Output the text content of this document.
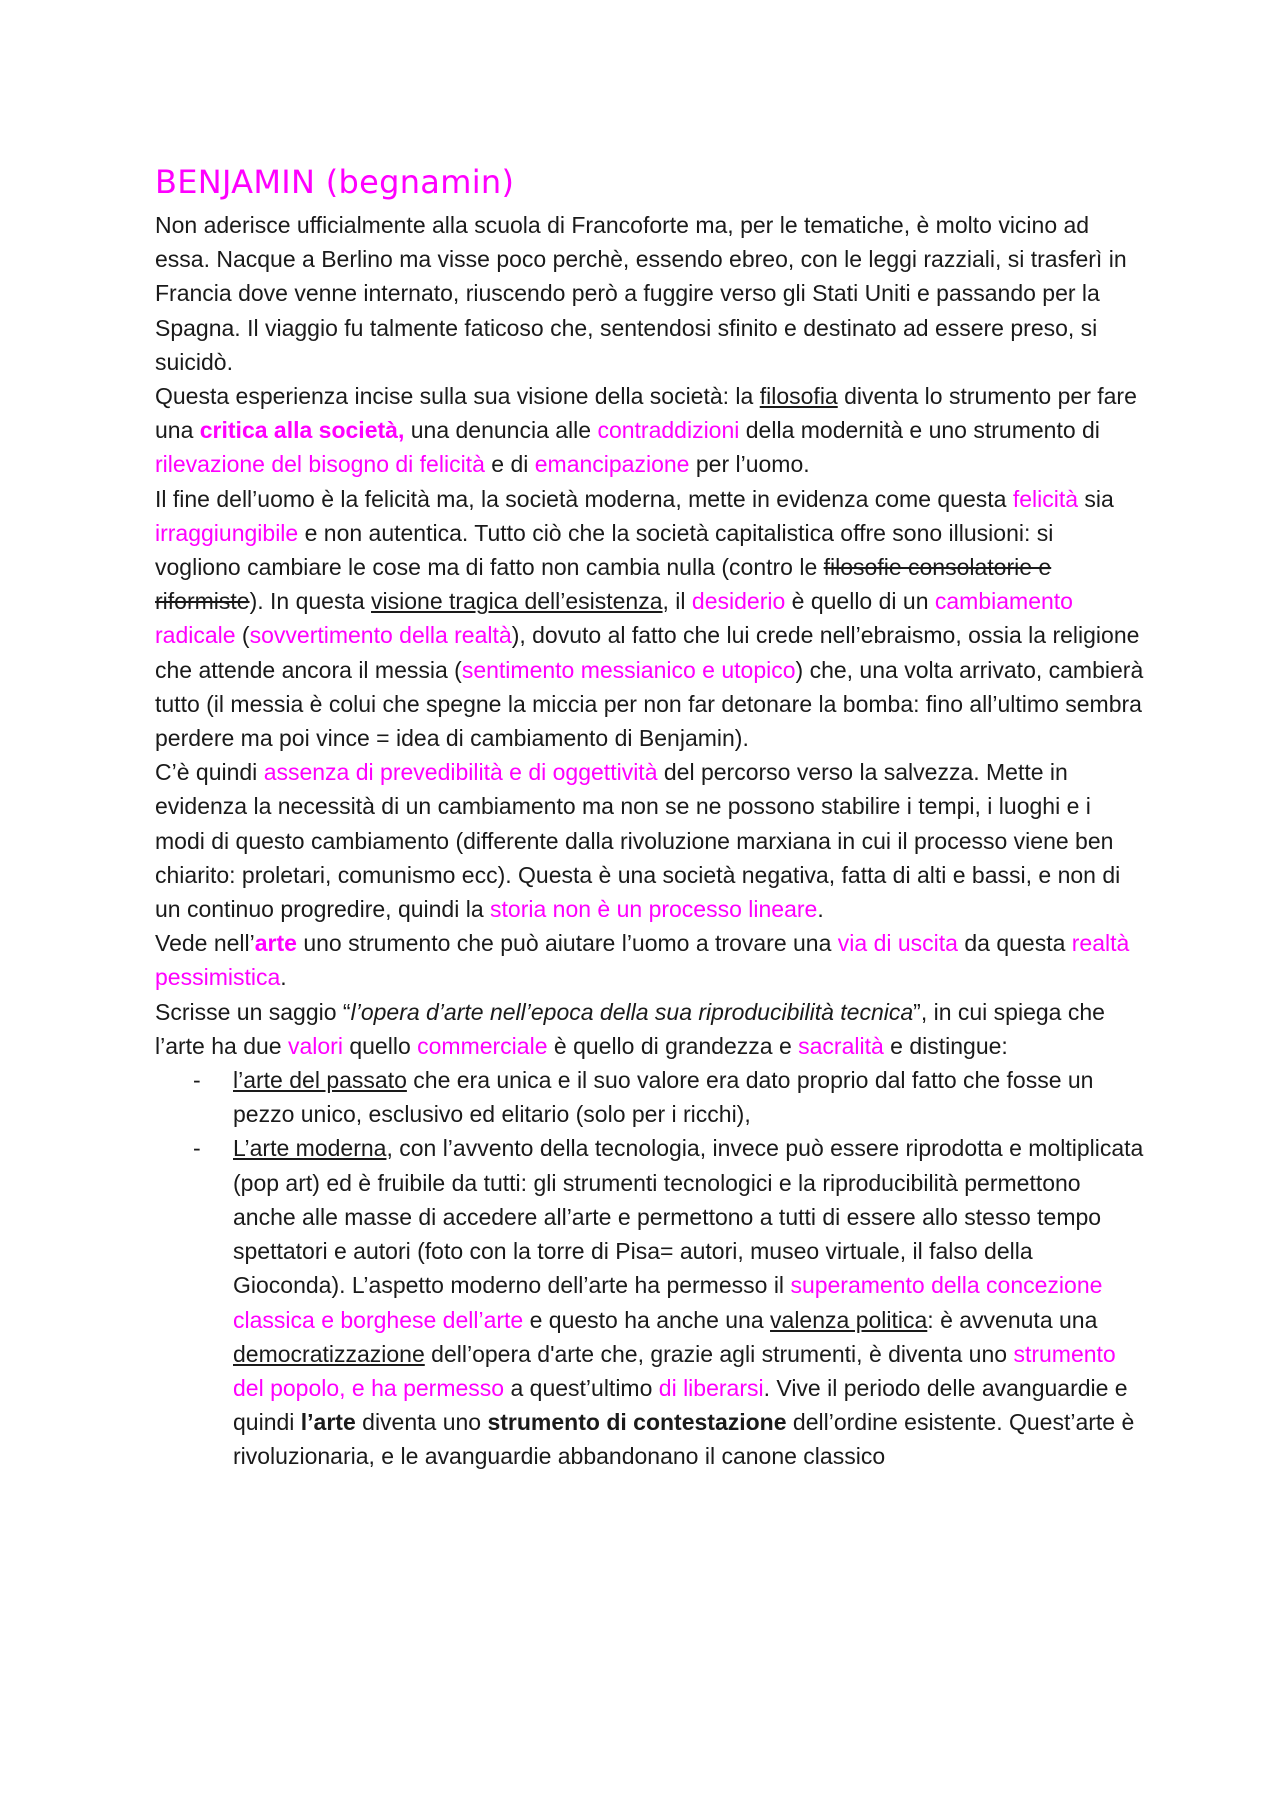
BENJAMIN (begnamin)

Non aderisce ufficialmente alla scuola di Francoforte ma, per le tematiche, è molto vicino ad essa. Nacque a Berlino ma visse poco perchè, essendo ebreo, con le leggi razziali, si trasferì in Francia dove venne internato, riuscendo però a fuggire verso gli Stati Uniti e passando per la Spagna. Il viaggio fu talmente faticoso che, sentendosi sfinito e destinato ad essere preso, si suicidò.

Questa esperienza incise sulla sua visione della società: la filosofia diventa lo strumento per fare una critica alla società, una denuncia alle contraddizioni della modernità e uno strumento di rilevazione del bisogno di felicità e di emancipazione per l’uomo.

Il fine dell’uomo è la felicità ma, la società moderna, mette in evidenza come questa felicità sia irraggiungibile e non autentica. Tutto ciò che la società capitalistica offre sono illusioni: si vogliono cambiare le cose ma di fatto non cambia nulla (contro le filosofie consolatorie e riformiste). In questa visione tragica dell’esistenza, il desiderio è quello di un cambiamento radicale (sovvertimento della realtà), dovuto al fatto che lui crede nell’ebraismo, ossia la religione che attende ancora il messia (sentimento messianico e utopico) che, una volta arrivato, cambierà tutto (il messia è colui che spegne la miccia per non far detonare la bomba: fino all’ultimo sembra perdere ma poi vince = idea di cambiamento di Benjamin).

C’è quindi assenza di prevedibilità e di oggettività del percorso verso la salvezza. Mette in evidenza la necessità di un cambiamento ma non se ne possono stabilire i tempi, i luoghi e i modi di questo cambiamento (differente dalla rivoluzione marxiana in cui il processo viene ben chiarito: proletari, comunismo ecc). Questa è una società negativa, fatta di alti e bassi, e non di un continuo progredire, quindi la storia non è un processo lineare.

Vede nell’arte uno strumento che può aiutare l’uomo a trovare una via di uscita da questa realtà pessimistica.

Scrisse un saggio “l’opera d’arte nell’epoca della sua riproducibilità tecnica”, in cui spiega che l’arte ha due valori quello commerciale è quello di grandezza e sacralità e distingue:

- l’arte del passato che era unica e il suo valore era dato proprio dal fatto che fosse un pezzo unico, esclusivo ed elitario (solo per i ricchi),
- L’arte moderna, con l’avvento della tecnologia, invece può essere riprodotta e moltiplicata (pop art) ed è fruibile da tutti: gli strumenti tecnologici e la riproducibilità permettono anche alle masse di accedere all’arte e permettono a tutti di essere allo stesso tempo spettatori e autori (foto con la torre di Pisa= autori, museo virtuale, il falso della Gioconda). L’aspetto moderno dell’arte ha permesso il superamento della concezione classica e borghese dell’arte e questo ha anche una valenza politica: è avvenuta una democratizzazione dell’opera d'arte che, grazie agli strumenti, è diventa uno strumento del popolo, e ha permesso a quest’ultimo di liberarsi. Vive il periodo delle avanguardie e quindi l’arte diventa uno strumento di contestazione dell’ordine esistente. Quest’arte è rivoluzionaria, e le avanguardie abbandonano il canone classico
